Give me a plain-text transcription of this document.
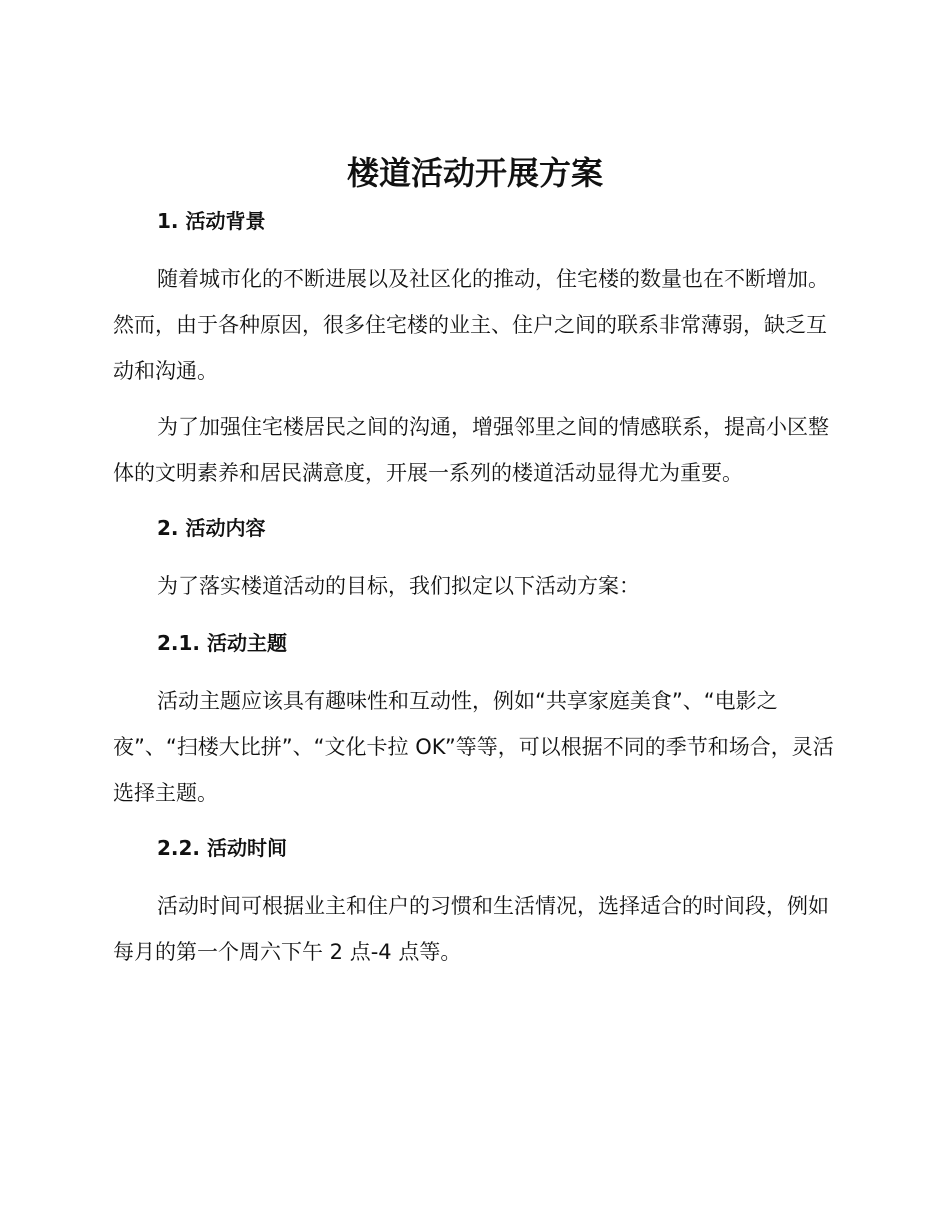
楼道活动开展方案
1. 活动背景

随着城市化的不断进展以及社区化的推动，住宅楼的数量也在不断增加。然而，由于各种原因，很多住宅楼的业主、住户之间的联系非常薄弱，缺乏互动和沟通。

为了加强住宅楼居民之间的沟通，增强邻里之间的情感联系，提高小区整体的文明素养和居民满意度，开展一系列的楼道活动显得尤为重要。

2. 活动内容

为了落实楼道活动的目标，我们拟定以下活动方案：

2.1. 活动主题

活动主题应该具有趣味性和互动性，例如“共享家庭美食”、“电影之夜”、“扫楼大比拼”、“文化卡拉 OK”等等，可以根据不同的季节和场合，灵活选择主题。

2.2. 活动时间

活动时间可根据业主和住户的习惯和生活情况，选择适合的时间段，例如每月的第一个周六下午 2 点-4 点等。
